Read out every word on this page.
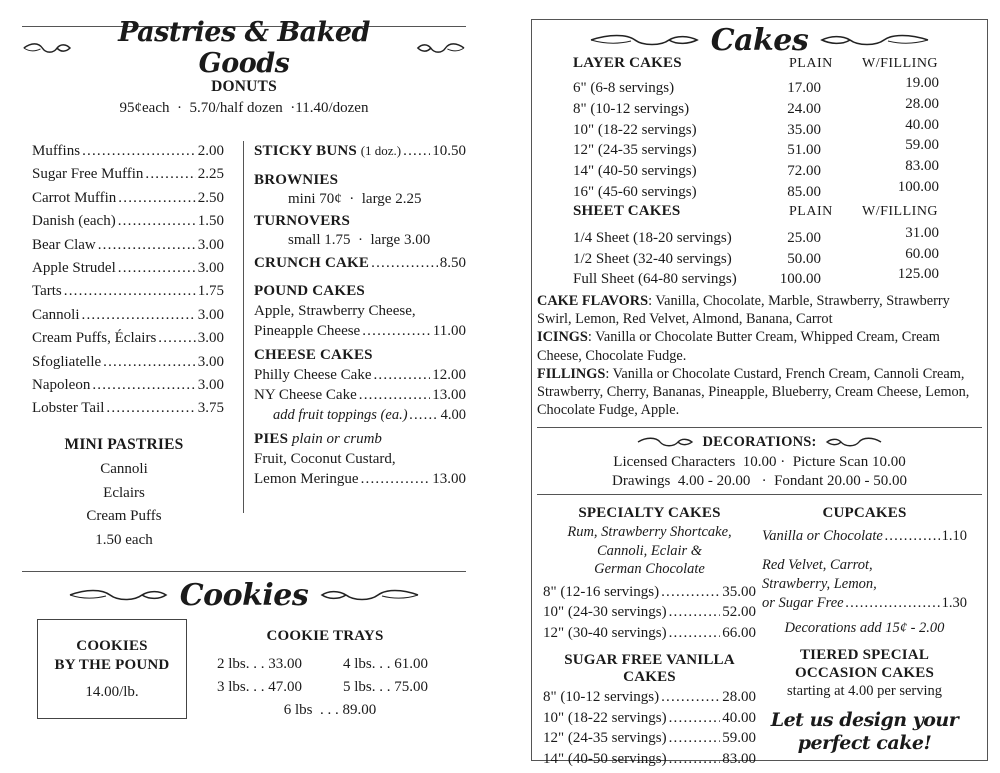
Pastries & Baked Goods
DONUTS
95¢each  ·  5.70/half dozen  ·11.40/dozen
Muffins .....	2.00
Sugar Free Muffin .....	2.25
Carrot Muffin .....	2.50
Danish (each) .....	1.50
Bear Claw .....	3.00
Apple Strudel .....	3.00
Tarts .....	1.75
Cannoli .....	3.00
Cream Puffs, Éclairs .....	3.00
Sfogliatelle .....	3.00
Napoleon .....	3.00
Lobster Tail .....	3.75
MINI PASTRIES
Cannoli
Eclairs
Cream Puffs
1.50 each
STICKY BUNS (1 doz.) ..... 10.50
BROWNIES
mini 70¢  ·  large 2.25
TURNOVERS
small 1.75  ·  large 3.00
CRUNCH CAKE .....	8.50
POUND CAKES
Apple, Strawberry Cheese,
Pineapple Cheese .....	11.00
CHEESE CAKES
Philly Cheese Cake .....	12.00
NY Cheese Cake .....	13.00
add fruit toppings (ea.) ..... 4.00
PIES plain or crumb
Fruit, Coconut Custard,
Lemon Meringue .....	13.00
Cookies
COOKIES
BY THE POUND
14.00/lb.
COOKIE TRAYS
2 lbs. . . 33.00	4 lbs. . . 61.00
3 lbs. . . 47.00	5 lbs. . . 75.00
6 lbs  . . . 89.00
Cakes
LAYER CAKES	PLAIN	W/FILLING
6" (6-8 servings)	17.00	19.00
8" (10-12 servings)	24.00	28.00
10" (18-22 servings)	35.00	40.00
12" (24-35 servings)	51.00	59.00
14" (40-50 servings)	72.00	83.00
16" (45-60 servings)	85.00	100.00
SHEET CAKES	PLAIN	W/FILLING
1/4 Sheet (18-20 servings)	25.00	31.00
1/2 Sheet (32-40 servings)	50.00	60.00
Full Sheet (64-80 servings)	100.00	125.00
CAKE FLAVORS: Vanilla, Chocolate, Marble, Strawberry, Strawberry Swirl, Lemon, Red Velvet, Almond, Banana, Carrot
ICINGS: Vanilla or Chocolate Butter Cream, Whipped Cream, Cream Cheese, Chocolate Fudge.
FILLINGS: Vanilla or Chocolate Custard, French Cream, Cannoli Cream, Strawberry, Cherry, Bananas, Pineapple, Blueberry, Cream Cheese, Lemon, Chocolate Fudge, Apple.
DECORATIONS:
Licensed Characters  10.00 ·  Picture Scan 10.00
Drawings  4.00 - 20.00   ·  Fondant 20.00 - 50.00
SPECIALTY CAKES
Rum, Strawberry Shortcake,
Cannoli, Eclair &
German Chocolate
8" (12-16 servings) .....	35.00
10" (24-30 servings) .....	52.00
12" (30-40 servings) .....	66.00
SUGAR FREE VANILLA CAKES
8" (10-12 servings) .....	28.00
10" (18-22 servings) .....	40.00
12" (24-35 servings) .....	59.00
14" (40-50 servings) .....	83.00
CUPCAKES
Vanilla or Chocolate .....	1.10
Red Velvet, Carrot,
Strawberry, Lemon,
or Sugar Free .....	1.30
Decorations add 15¢ - 2.00
TIERED SPECIAL
OCCASION CAKES
starting at 4.00 per serving
Let us design your
perfect cake!
